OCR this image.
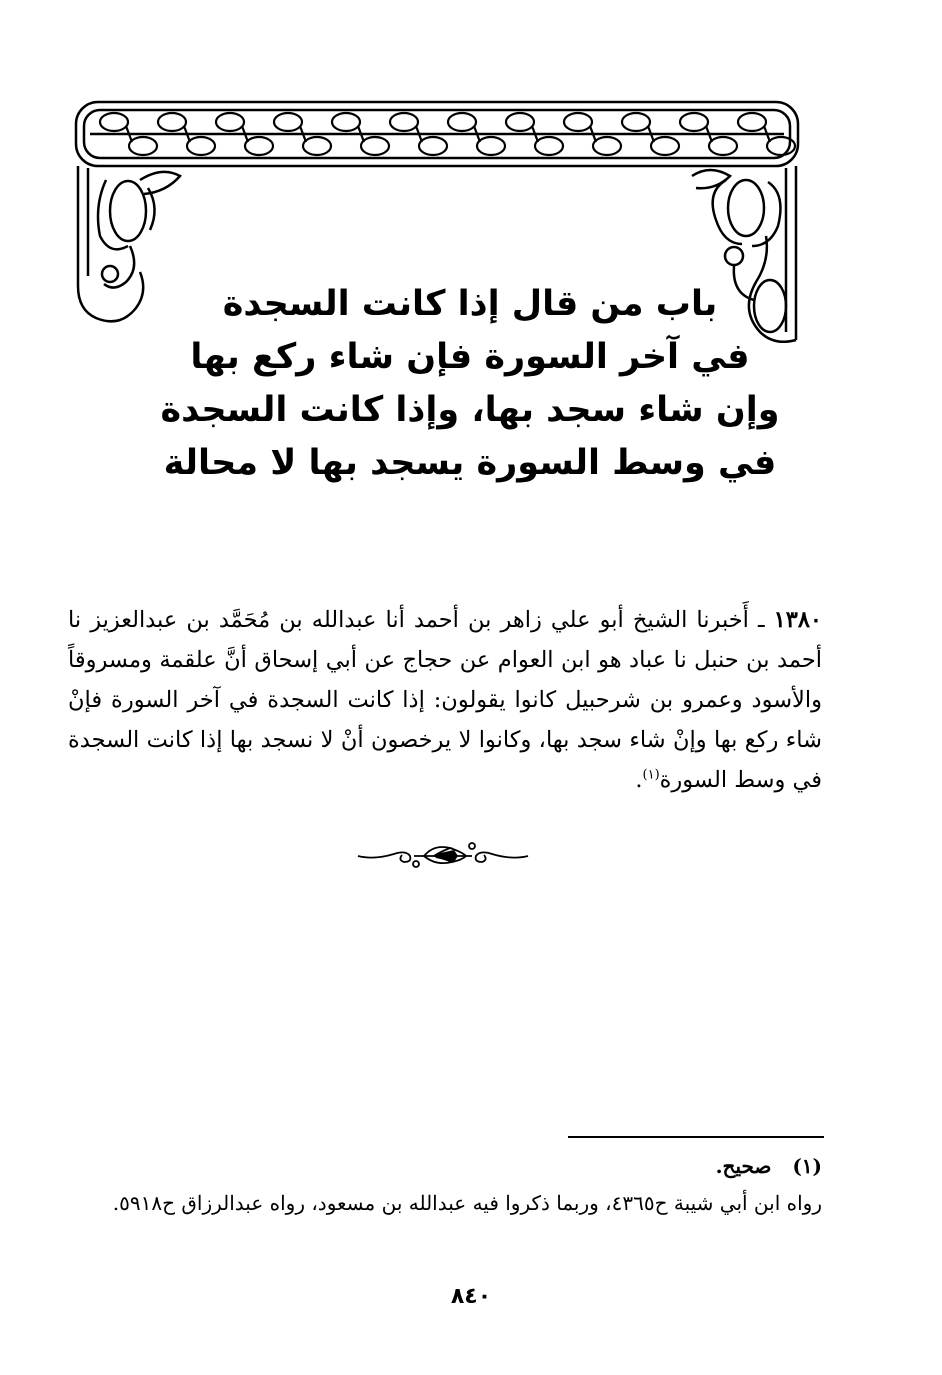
باب من قال إذا كانت السجدة
في آخر السورة فإن شاء ركع بها
وإن شاء سجد بها، وإذا كانت السجدة
في وسط السورة يسجد بها لا محالة
١٣٨٠ ـ أَخبرنا الشيخ أبو علي زاهر بن أحمد أنا عبدالله بن مُحَمَّد بن عبدالعزيز نا أحمد بن حنبل نا عباد هو ابن العوام عن حجاج عن أبي إسحاق أنَّ علقمة ومسروقاً والأسود وعمرو بن شرحبيل كانوا يقولون: إذا كانت السجدة في آخر السورة فإنْ شاء ركع بها وإنْ شاء سجد بها، وكانوا لا يرخصون أنْ لا نسجد بها إذا كانت السجدة في وسط السورة$^{(١)}$.
(١)   صحيح.
رواه ابن أبي شيبة ح٤٣٦٥، وربما ذكروا فيه عبدالله بن مسعود، رواه عبدالرزاق ح٥٩١٨.
٨٤٠
